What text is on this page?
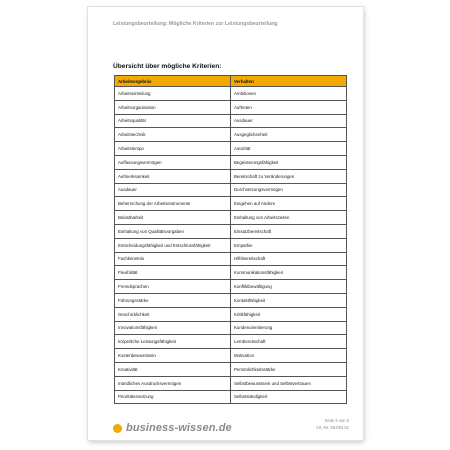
Leistungsbeurteilung: Mögliche Kriterien zur Leistungsbeurteilung
Übersicht über mögliche Kriterien:
Arbeitsergebnis	Verhalten
Arbeitseinteilung	Ambitionen
Arbeitsorganisation	Auftreten
Arbeitsqualität	Ausdauer
Arbeitstechnik	Ausgeglichenheit
Arbeitstempo	Autorität
Auffassungsvermögen	Begeisterungsfähigkeit
Aufmerksamkeit	Bereitschaft zu Veränderungen
Ausdauer	Durchsetzungsvermögen
Beherrschung der Arbeitsinstrumente	Eingehen auf Andere
Belastbarkeit	Einhaltung von Arbeitszeiten
Einhaltung von Qualitätsvorgaben	Einsatzbereitschaft
Entscheidungsfähigkeit und Entschlussfähigkeit	Empathie
Fachkenntnis	Hilfsbereitschaft
Flexibilität	Kommunikationsfähigkeit
Fremdsprachen	Konfliktbewältigung
Führungsstärke	Kontaktfähigkeit
Geschicklichkeit	Kritikfähigkeit
Innovationsfähigkeit	Kundenorientierung
körperliche Leistungsfähigkeit	Lernbereitschaft
Kostenbewusstsein	Motivation
Kreativität	Persönlichkeitsstärke
mündliches Ausdrucksvermögen	Selbstbewusstsein und Selbstvertrauen
Prioritätensetzung	Selbstständigkeit
business-wissen.de
Seite 2 von 5
Art.-Nr. 99.093.01
